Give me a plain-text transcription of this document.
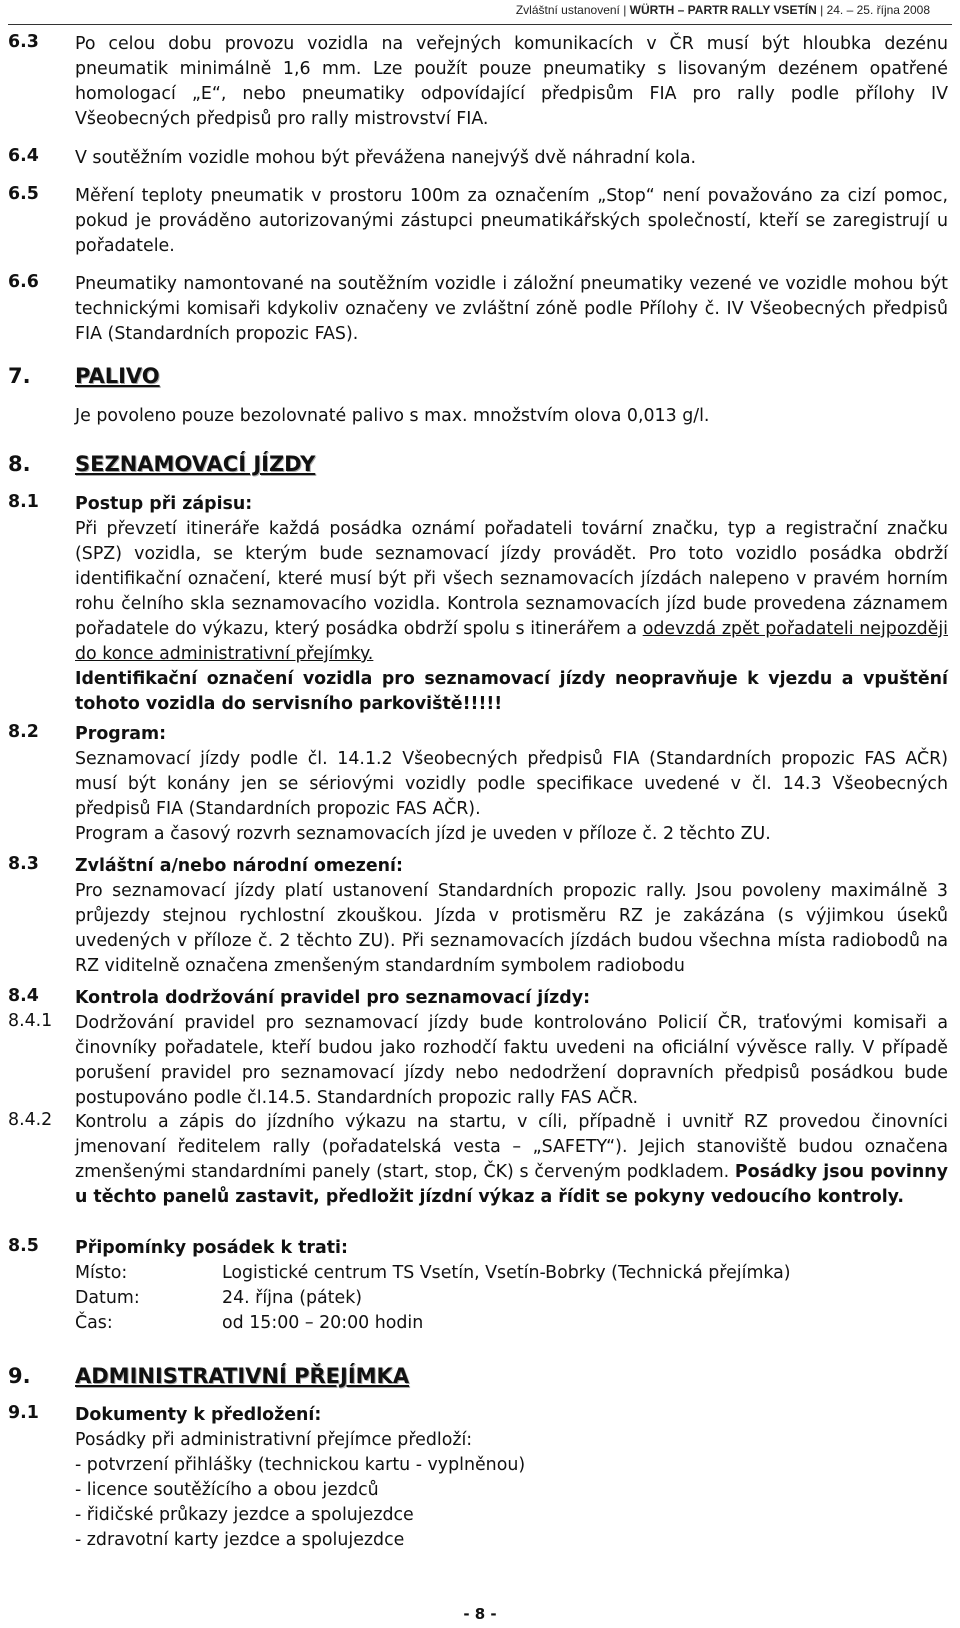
Zvláštní ustanovení | WÜRTH – PARTR RALLY VSETÍN | 24. – 25. října 2008
6.3 Po celou dobu provozu vozidla na veřejných komunikacích v ČR musí být hloubka dezénu pneumatik minimálně 1,6 mm. Lze použít pouze pneumatiky s lisovaným dezénem opatřené homologací „E“, nebo pneumatiky odpovídající předpisům FIA pro rally podle přílohy IV Všeobecných předpisů pro rally mistrovství FIA.
6.4 V soutěžním vozidle mohou být převážena nanejvýš dvě náhradní kola.
6.5 Měření teploty pneumatik v prostoru 100m za označením „Stop“ není považováno za cizí pomoc, pokud je prováděno autorizovanými zástupci pneumatikářských společností, kteří se zaregistrují u pořadatele.
6.6 Pneumatiky namontované na soutěžním vozidle i záložní pneumatiky vezené ve vozidle mohou být technickými komisaři kdykoliv označeny ve zvláštní zóně podle Přílohy č. IV Všeobecných předpisů FIA (Standardních propozic FAS).
7. PALIVO
Je povoleno pouze bezolovnaté palivo s max. množstvím olova 0,013 g/l.
8. SEZNAMOVACÍ JÍZDY
8.1 Postup při zápisu:
Při převzetí itineráře každá posádka oznámí pořadateli tovární značku, typ a registrační značku (SPZ) vozidla, se kterým bude seznamovací jízdy provádět. Pro toto vozidlo posádka obdrží identifikační označení, které musí být při všech seznamovacích jízdách nalepeno v pravém horním rohu čelního skla seznamovacího vozidla. Kontrola seznamovacích jízd bude provedena záznamem pořadatele do výkazu, který posádka obdrží spolu s itinerářem a odevzdá zpět pořadateli nejpozději do konce administrativní přejímky.
Identifikační označení vozidla pro seznamovací jízdy neopravňuje k vjezdu a vpuštění tohoto vozidla do servisního parkoviště!!!!!
8.2 Program:
Seznamovací jízdy podle čl. 14.1.2 Všeobecných předpisů FIA (Standardních propozic FAS AČR) musí být konány jen se sériovými vozidly podle specifikace uvedené v čl. 14.3 Všeobecných předpisů FIA (Standardních propozic FAS AČR).
Program a časový rozvrh seznamovacích jízd je uveden v příloze č. 2 těchto ZU.
8.3 Zvláštní a/nebo národní omezení:
Pro seznamovací jízdy platí ustanovení Standardních propozic rally. Jsou povoleny maximálně 3 průjezdy stejnou rychlostní zkouškou. Jízda v protisměru RZ je zakázána (s výjimkou úseků uvedených v příloze č. 2 těchto ZU). Při seznamovacích jízdách budou všechna místa radiobodů na RZ viditelně označena zmenšeným standardním symbolem radiobodu
8.4 Kontrola dodržování pravidel pro seznamovací jízdy:
8.4.1 Dodržování pravidel pro seznamovací jízdy bude kontrolováno Policií ČR, traťovými komisaři a činovníky pořadatele, kteří budou jako rozhodčí faktu uvedeni na oficiální vývěsce rally. V případě porušení pravidel pro seznamovací jízdy nebo nedodržení dopravních předpisů posádkou bude postupováno podle čl.14.5. Standardních propozic rally FAS AČR.
8.4.2 Kontrolu a zápis do jízdního výkazu na startu, v cíli, případně i uvnitř RZ provedou činovníci jmenovaní ředitelem rally (pořadatelská vesta – „SAFETY“). Jejich stanoviště budou označena zmenšenými standardními panely (start, stop, ČK) s červeným podkladem. Posádky jsou povinny u těchto panelů zastavit, předložit jízdní výkaz a řídit se pokyny vedoucího kontroly.
8.5 Připomínky posádek k trati:
Místo:	Logistické centrum TS Vsetín, Vsetín-Bobrky (Technická přejímka)
Datum:	24. října (pátek)
Čas:	od 15:00 – 20:00 hodin
9. ADMINISTRATIVNÍ PŘEJÍMKA
9.1 Dokumenty k předložení:
Posádky při administrativní přejímce předloží:
- potvrzení přihlášky (technickou kartu - vyplněnou)
- licence soutěžícího a obou jezdců
- řidičské průkazy jezdce a spolujezdce
- zdravotní karty jezdce a spolujezdce
- 8 -
